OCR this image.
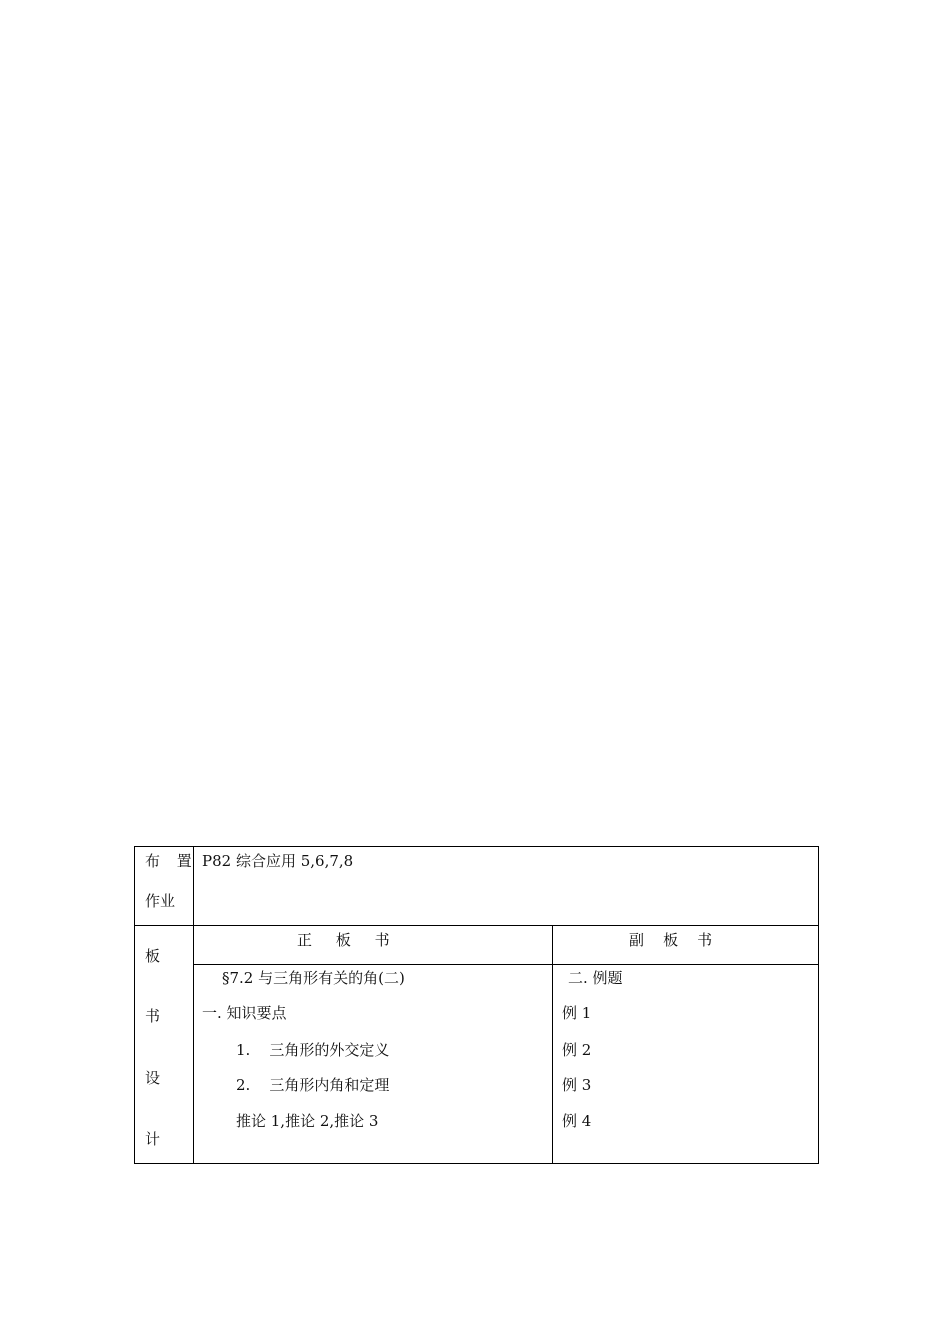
布 置
作业
P82 综合应用 5,6,7,8
板
书
设
计
正     板     书	副    板    书
§7.2 与三角形有关的角(二)
一. 知识要点
1.    三角形的外交定义
2.    三角形内角和定理
推论 1,推论 2,推论 3
二. 例题
例 1
例 2
例 3
例 4
